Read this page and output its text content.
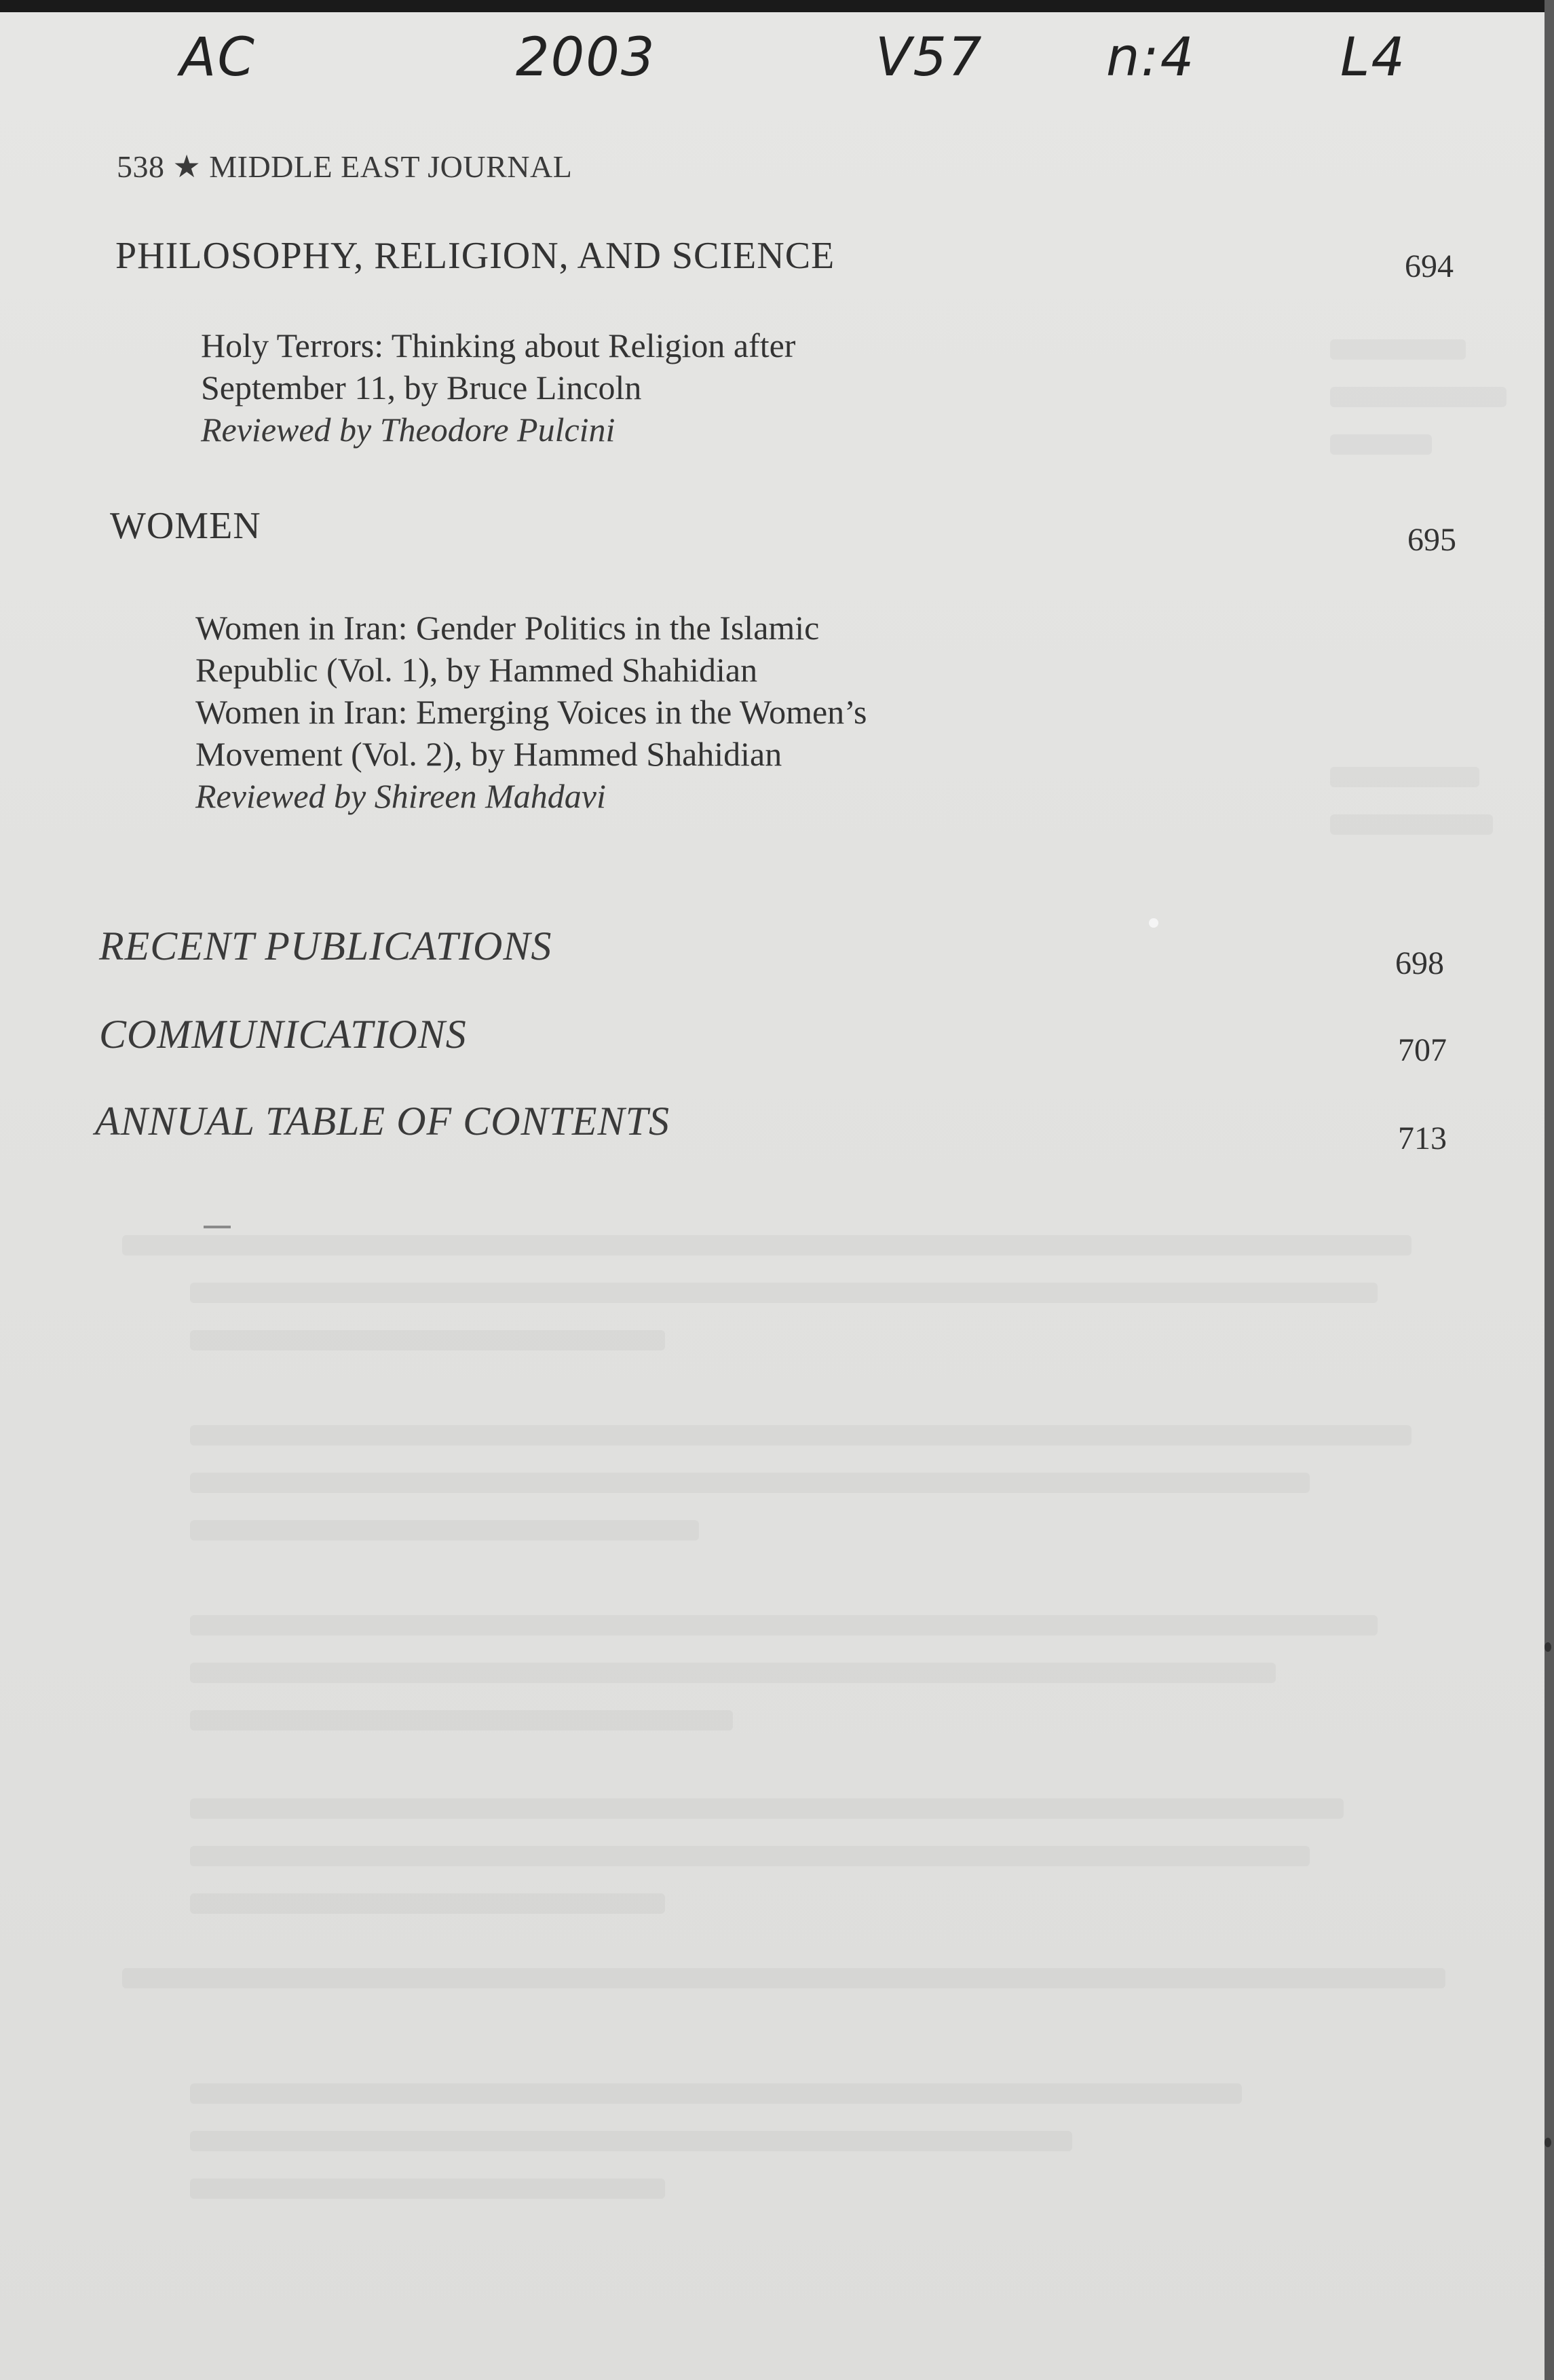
AC	2003	V57 n:4	L4
538 ★ MIDDLE EAST JOURNAL
PHILOSOPHY, RELIGION, AND SCIENCE	694
Holy Terrors: Thinking about Religion after
September 11, by Bruce Lincoln
Reviewed by Theodore Pulcini
WOMEN	695
Women in Iran: Gender Politics in the Islamic
Republic (Vol. 1), by Hammed Shahidian
Women in Iran: Emerging Voices in the Women’s
Movement (Vol. 2), by Hammed Shahidian
Reviewed by Shireen Mahdavi
RECENT PUBLICATIONS	698
COMMUNICATIONS	707
ANNUAL TABLE OF CONTENTS	713
